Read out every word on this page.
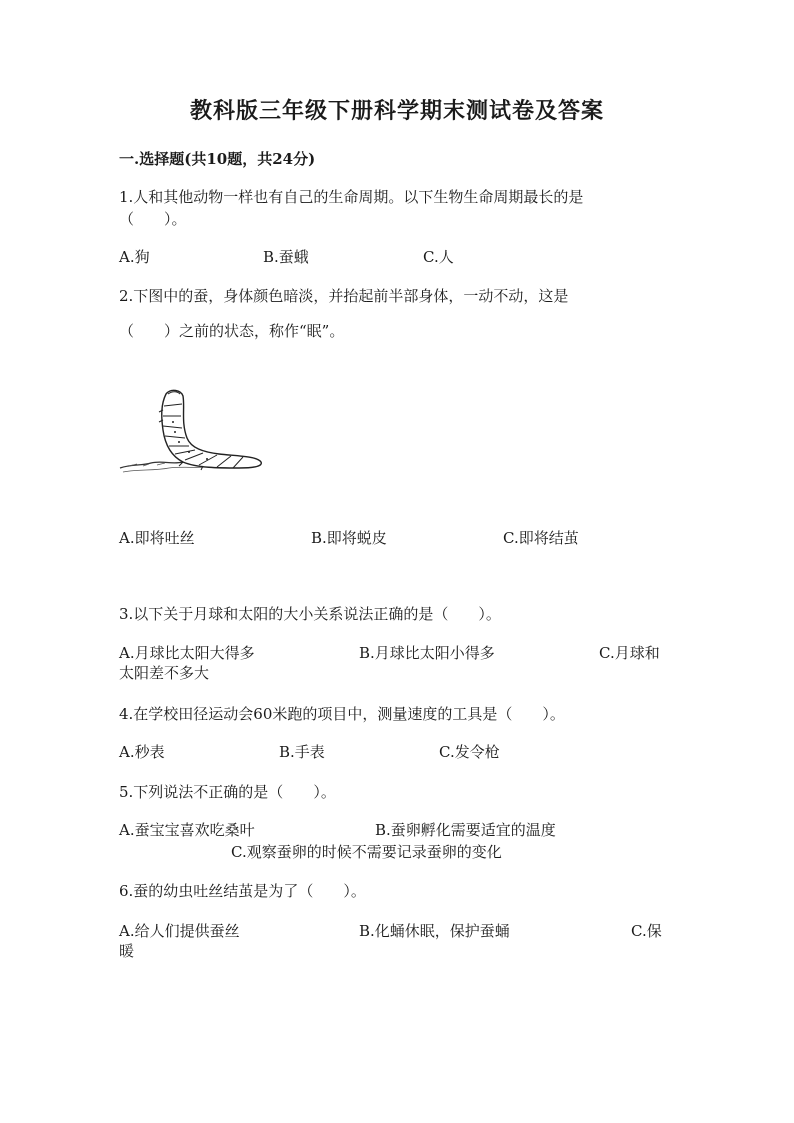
教科版三年级下册科学期末测试卷及答案
一.选择题(共10题，共24分)
1.人和其他动物一样也有自己的生命周期。以下生物生命周期最长的是
（　　）。
A.狗	B.蚕蛾	C.人
2.下图中的蚕，身体颜色暗淡，并抬起前半部身体，一动不动，这是
（　　）之前的状态，称作“眠”。
A.即将吐丝	B.即将蜕皮	C.即将结茧
3.以下关于月球和太阳的大小关系说法正确的是（　　）。
A.月球比太阳大得多	B.月球比太阳小得多	C.月球和
太阳差不多大
4.在学校田径运动会60米跑的项目中，测量速度的工具是（　　）。
A.秒表	B.手表	C.发令枪
5.下列说法不正确的是（　　）。
A.蚕宝宝喜欢吃桑叶	B.蚕卵孵化需要适宜的温度
C.观察蚕卵的时候不需要记录蚕卵的变化
6.蚕的幼虫吐丝结茧是为了（　　）。
A.给人们提供蚕丝	B.化蛹休眠，保护蚕蛹	C.保
暖
